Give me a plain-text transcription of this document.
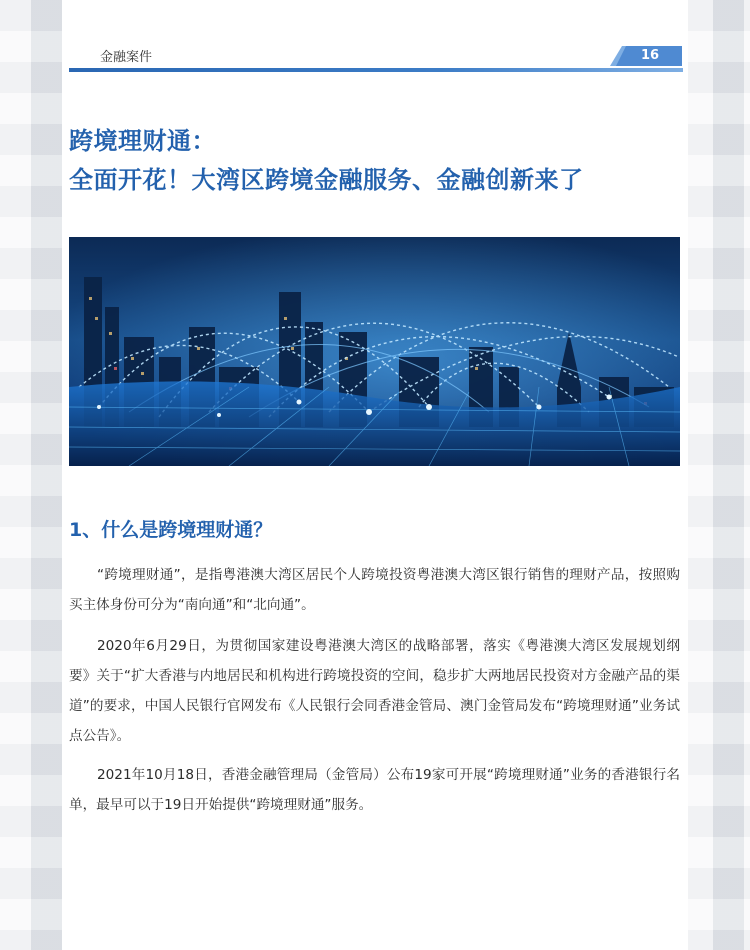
金融案件	16
跨境理财通：
全面开花！大湾区跨境金融服务、金融创新来了
1、什么是跨境理财通？

“跨境理财通”，是指粤港澳大湾区居民个人跨境投资粤港澳大湾区银行销售的理财产品，按照购买主体身份可分为“南向通”和“北向通”。

2020年6月29日，为贯彻国家建设粤港澳大湾区的战略部署，落实《粤港澳大湾区发展规划纲要》关于“扩大香港与内地居民和机构进行跨境投资的空间，稳步扩大两地居民投资对方金融产品的渠道”的要求，中国人民银行官网发布《人民银行会同香港金管局、澳门金管局发布“跨境理财通”业务试点公告》。

2021年10月18日，香港金融管理局（金管局）公布19家可开展“跨境理财通”业务的香港银行名单，最早可以于19日开始提供“跨境理财通”服务。
